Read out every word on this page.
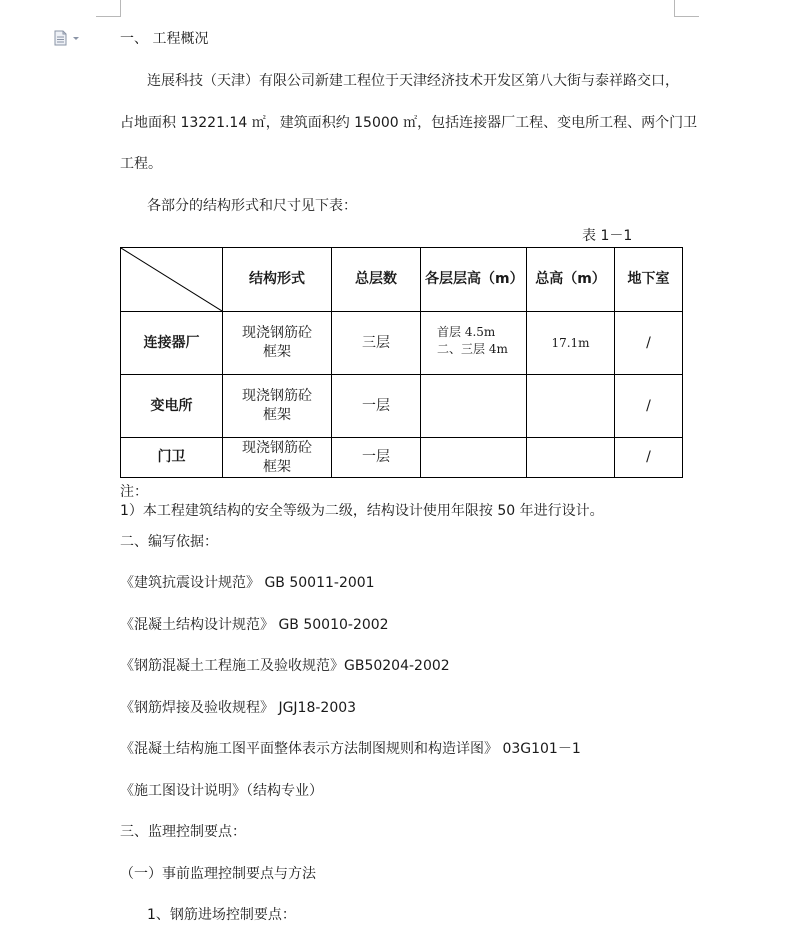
一、 工程概况
连展科技（天津）有限公司新建工程位于天津经济技术开发区第八大街与泰祥路交口，
占地面积 13221.14 ㎡，建筑面积约 15000 ㎡，包括连接器厂工程、变电所工程、两个门卫
工程。
各部分的结构形式和尺寸见下表：
表 1－1
	结构形式	总层数	各层层高（m）	总高（m）	地下室
连接器厂	现浇钢筋砼
框架	三层	首层 4.5m
二、三层 4m	17.1m	/
变电所	现浇钢筋砼
框架	一层			/
门卫	现浇钢筋砼
框架	一层			/
注：
1）本工程建筑结构的安全等级为二级，结构设计使用年限按 50 年进行设计。
二、编写依据：
《建筑抗震设计规范》 GB 50011-2001
《混凝土结构设计规范》 GB 50010-2002
《钢筋混凝土工程施工及验收规范》GB50204-2002
《钢筋焊接及验收规程》 JGJ18-2003
《混凝土结构施工图平面整体表示方法制图规则和构造详图》 03G101－1
《施工图设计说明》（结构专业）
三、监理控制要点：
（一）事前监理控制要点与方法
1、钢筋进场控制要点：
